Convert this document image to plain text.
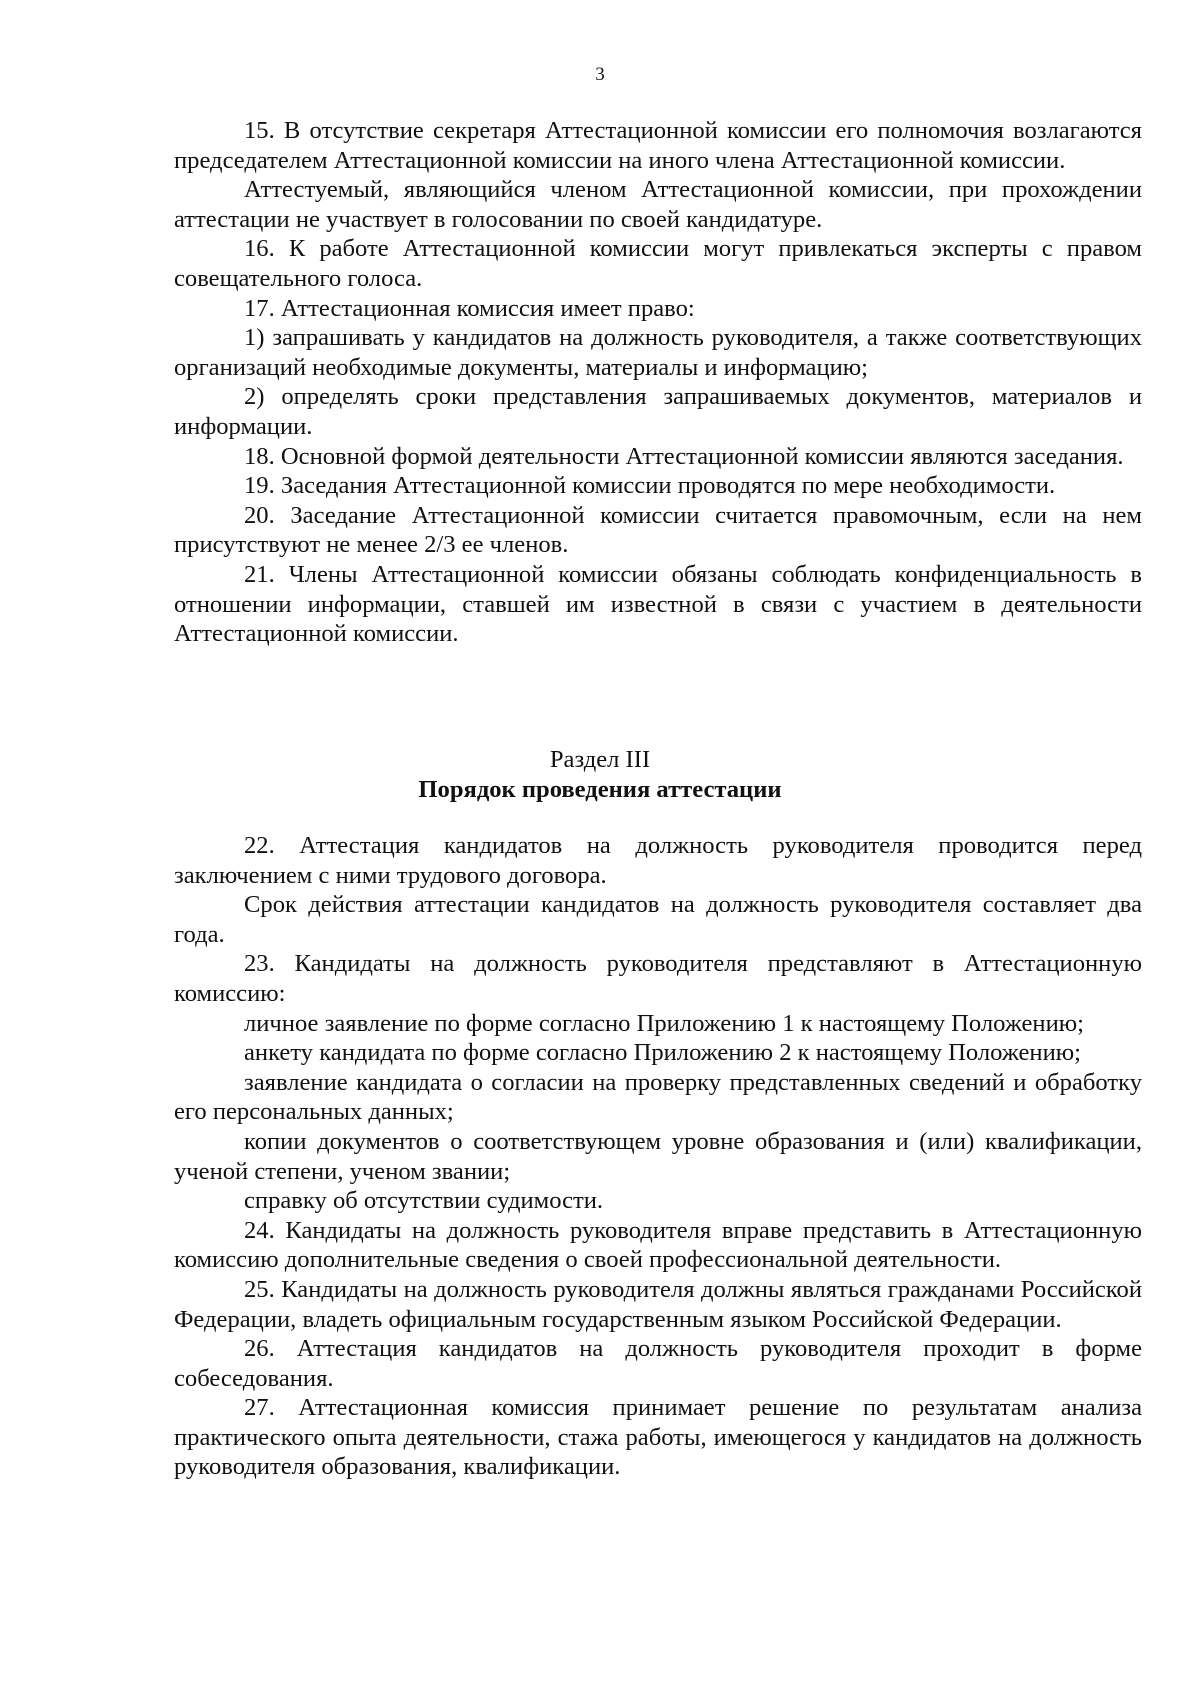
3

15. В отсутствие секретаря Аттестационной комиссии его полномочия возлагаются председателем Аттестационной комиссии на иного члена Аттестационной комиссии.

Аттестуемый, являющийся членом Аттестационной комиссии, при прохождении аттестации не участвует в голосовании по своей кандидатуре.

16. К работе Аттестационной комиссии могут привлекаться эксперты с правом совещательного голоса.

17. Аттестационная комиссия имеет право:

1) запрашивать у кандидатов на должность руководителя, а также соответствующих организаций необходимые документы, материалы и информацию;

2) определять сроки представления запрашиваемых документов, материалов и информации.

18. Основной формой деятельности Аттестационной комиссии являются заседания.

19. Заседания Аттестационной комиссии проводятся по мере необходимости.

20. Заседание Аттестационной комиссии считается правомочным, если на нем присутствуют не менее 2/3 ее членов.

21. Члены Аттестационной комиссии обязаны соблюдать конфиденциальность в отношении информации, ставшей им известной в связи с участием в деятельности Аттестационной комиссии.

Раздел III
Порядок проведения аттестации

22. Аттестация кандидатов на должность руководителя проводится перед заключением с ними трудового договора.

Срок действия аттестации кандидатов на должность руководителя составляет два года.

23. Кандидаты на должность руководителя представляют в Аттестационную комиссию:

личное заявление по форме согласно Приложению 1 к настоящему Положению;

анкету кандидата по форме согласно Приложению 2 к настоящему Положению;

заявление кандидата о согласии на проверку представленных сведений и обработку его персональных данных;

копии документов о соответствующем уровне образования и (или) квалификации, ученой степени, ученом звании;

справку об отсутствии судимости.

24. Кандидаты на должность руководителя вправе представить в Аттестационную комиссию дополнительные сведения о своей профессиональной деятельности.

25. Кандидаты на должность руководителя должны являться гражданами Российской Федерации, владеть официальным государственным языком Российской Федерации.

26. Аттестация кандидатов на должность руководителя проходит в форме собеседования.

27. Аттестационная комиссия принимает решение по результатам анализа практического опыта деятельности, стажа работы, имеющегося у кандидатов на должность руководителя образования, квалификации.
